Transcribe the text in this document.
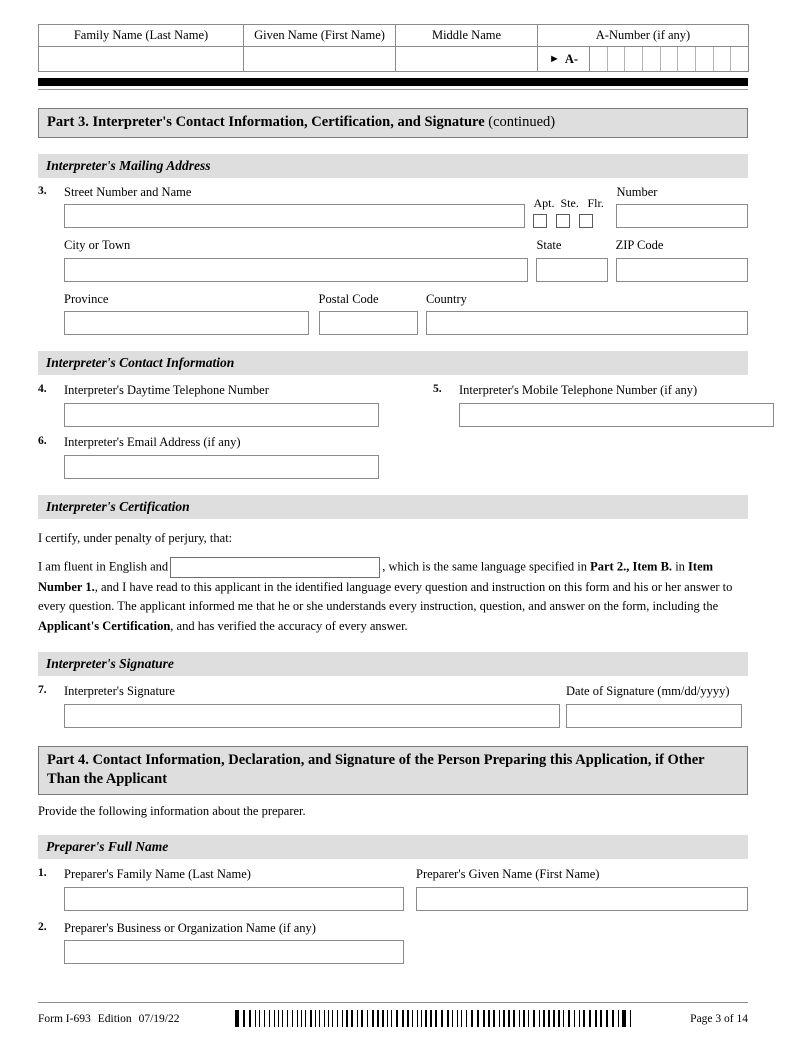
Family Name (Last Name)	Given Name (First Name)	Middle Name	A-Number (if any)

			► A-
Part 3. Interpreter's Contact Information, Certification, and Signature (continued)
Interpreter's Mailing Address
3.	Street Number and Name
Apt. Ste. Flr.
Number
City or Town	State	ZIP Code
Province	Postal Code	Country
Interpreter's Contact Information
4.	Interpreter's Daytime Telephone Number	5.	Interpreter's Mobile Telephone Number (if any)
6.	Interpreter's Email Address (if any)
Interpreter's Certification
I certify, under penalty of perjury, that:
I am fluent in English and	, which is the same language specified in Part 2., Item B. in Item Number 1., and I have read to this applicant in the identified language every question and instruction on this form and his or her answer to every question. The applicant informed me that he or she understands every instruction, question, and answer on the form, including the Applicant's Certification, and has verified the accuracy of every answer.
Interpreter's Signature
7.	Interpreter's Signature	Date of Signature (mm/dd/yyyy)
Part 4. Contact Information, Declaration, and Signature of the Person Preparing this Application, if Other Than the Applicant
Provide the following information about the preparer.
Preparer's Full Name
1.	Preparer's Family Name (Last Name)	Preparer's Given Name (First Name)
2.	Preparer's Business or Organization Name (if any)
Form I-693 Edition 07/19/22	Page 3 of 14
